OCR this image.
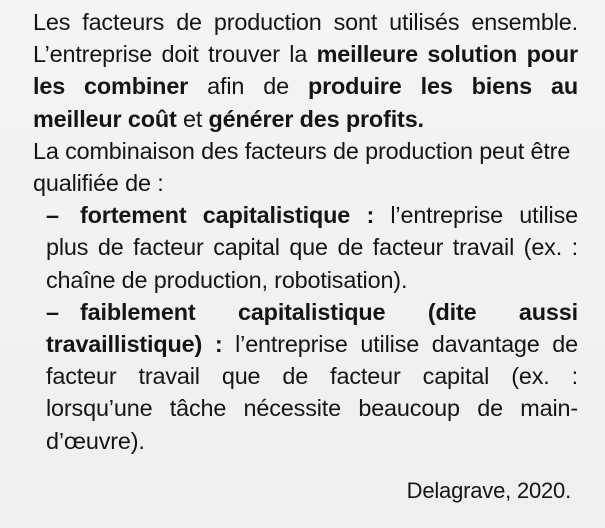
Les facteurs de production sont utilisés ensemble. L’entreprise doit trouver la meilleure solution pour les combiner afin de produire les biens au meilleur coût et générer des profits.

La combinaison des facteurs de production peut être qualifiée de :

– fortement capitalistique : l’entreprise utilise plus de facteur capital que de facteur travail (ex. : chaîne de production, robotisation).

– faiblement capitalistique (dite aussi travaillistique) : l’entreprise utilise davantage de facteur travail que de facteur capital (ex. : lorsqu’une tâche nécessite beaucoup de main-d’œuvre).

Delagrave, 2020.
